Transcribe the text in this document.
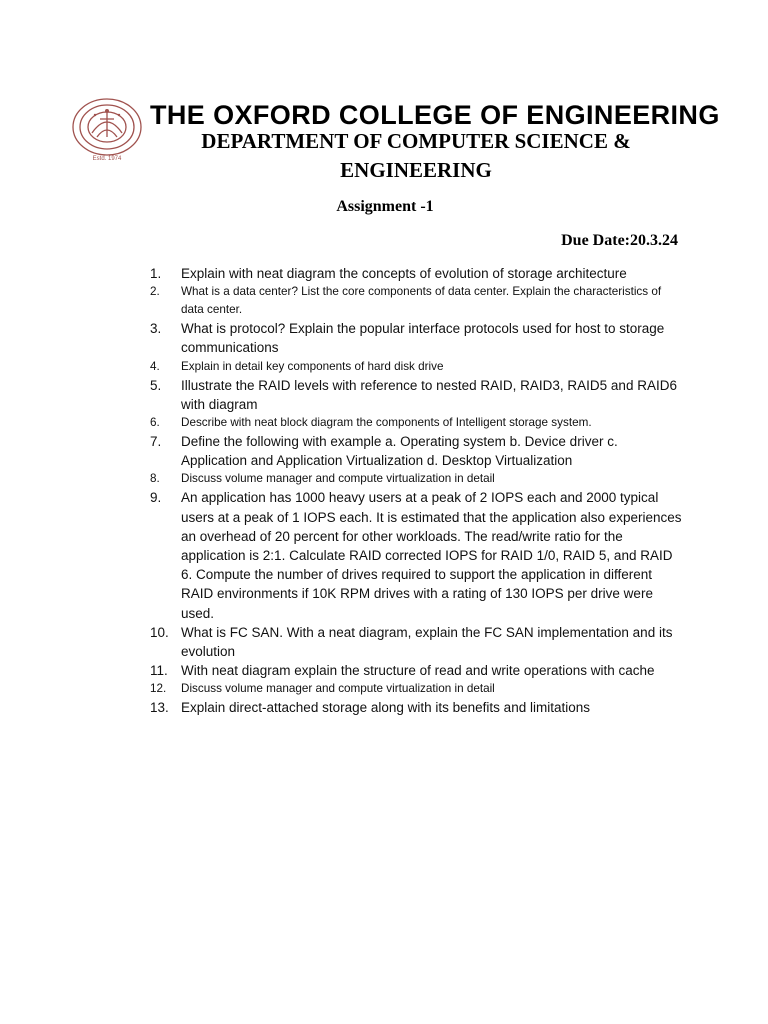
Estd. 1974
THE OXFORD COLLEGE OF ENGINEERING
DEPARTMENT OF COMPUTER SCIENCE &
ENGINEERING
Assignment -1
Due Date:20.3.24
1.	Explain with neat diagram the concepts of evolution of storage architecture
2.	What is a data center? List the core components of data center. Explain the characteristics of data center.
3.	What is protocol? Explain the popular interface protocols used for host to storage communications
4.	Explain in detail key components of hard disk drive
5.	Illustrate the RAID levels with reference to nested RAID, RAID3, RAID5 and RAID6 with diagram
6.	Describe with neat block diagram the components of Intelligent storage system.
7.	Define the following with example a. Operating system b. Device driver c. Application and Application Virtualization d. Desktop Virtualization
8.	Discuss volume manager and compute virtualization in detail
9.	An application has 1000 heavy users at a peak of 2 IOPS each and 2000 typical users at a peak of 1 IOPS each. It is estimated that the application also experiences an overhead of 20 percent for other workloads. The read/write ratio for the application is 2:1. Calculate RAID corrected IOPS for RAID 1/0, RAID 5, and RAID 6. Compute the number of drives required to support the application in different RAID environments if 10K RPM drives with a rating of 130 IOPS per drive were used.
10. What is FC SAN. With a neat diagram, explain the FC SAN implementation and its evolution
11. With neat diagram explain the structure of read and write operations with cache
12.	Discuss volume manager and compute virtualization in detail
13. Explain direct-attached storage along with its benefits and limitations
